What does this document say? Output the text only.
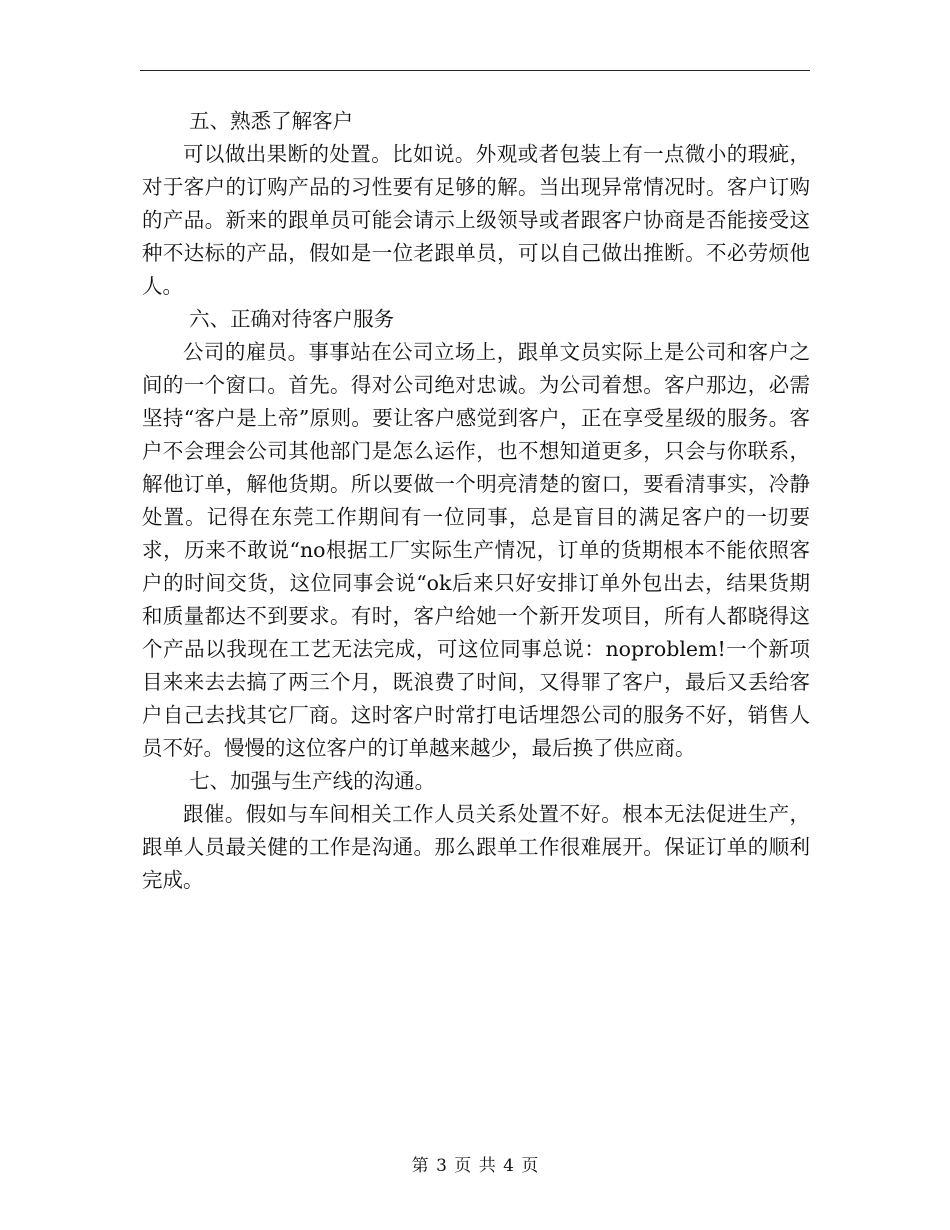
五、熟悉了解客户

可以做出果断的处置。比如说。外观或者包装上有一点微小的瑕疵，对于客户的订购产品的习性要有足够的解。当出现异常情况时。客户订购的产品。新来的跟单员可能会请示上级领导或者跟客户协商是否能接受这种不达标的产品，假如是一位老跟单员，可以自己做出推断。不必劳烦他人。

六、正确对待客户服务

公司的雇员。事事站在公司立场上，跟单文员实际上是公司和客户之间的一个窗口。首先。得对公司绝对忠诚。为公司着想。客户那边，必需坚持“客户是上帝”原则。要让客户感觉到客户，正在享受星级的服务。客户不会理会公司其他部门是怎么运作，也不想知道更多，只会与你联系，解他订单，解他货期。所以要做一个明亮清楚的窗口，要看清事实，冷静处置。记得在东莞工作期间有一位同事，总是盲目的满足客户的一切要求，历来不敢说“no根据工厂实际生产情况，订单的货期根本不能依照客户的时间交货，这位同事会说“ok后来只好安排订单外包出去，结果货期和质量都达不到要求。有时，客户给她一个新开发项目，所有人都晓得这个产品以我现在工艺无法完成，可这位同事总说：noproblem!一个新项目来来去去搞了两三个月，既浪费了时间，又得罪了客户，最后又丢给客户自己去找其它厂商。这时客户时常打电话埋怨公司的服务不好，销售人员不好。慢慢的这位客户的订单越来越少，最后换了供应商。

七、加强与生产线的沟通。

跟催。假如与车间相关工作人员关系处置不好。根本无法促进生产，跟单人员最关健的工作是沟通。那么跟单工作很难展开。保证订单的顺利完成。

第 3 页 共 4 页
